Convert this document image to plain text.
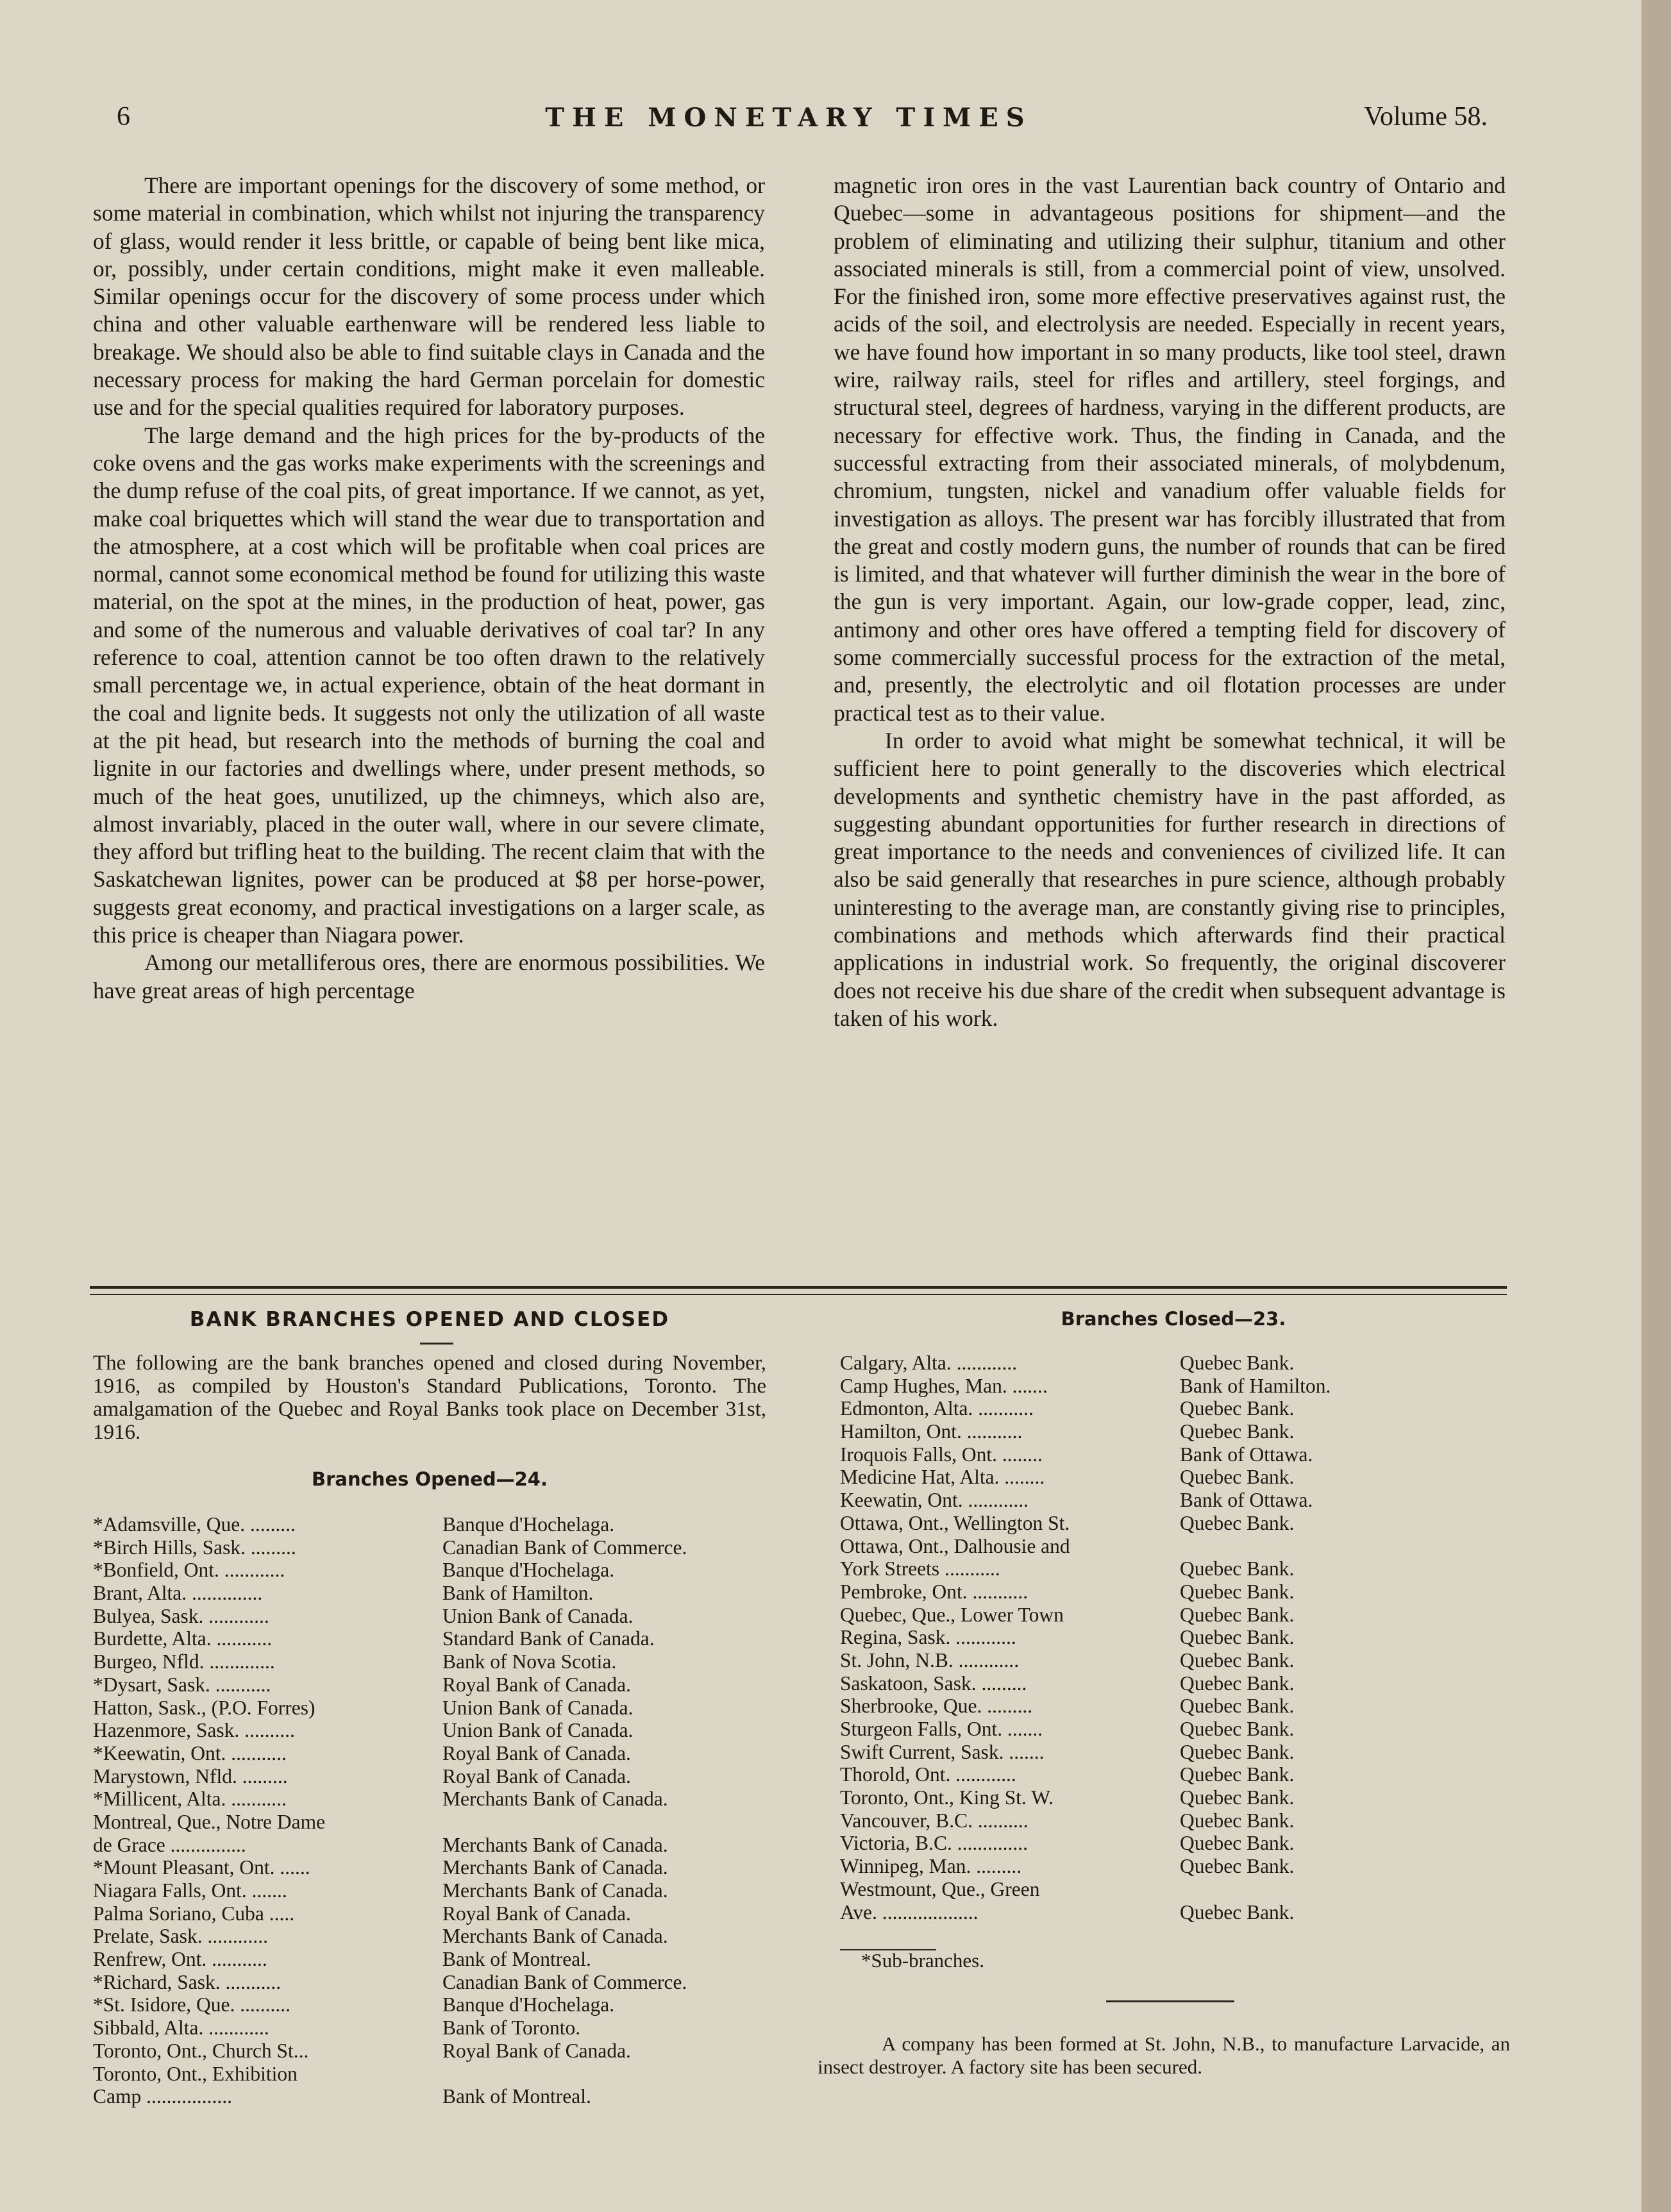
6	THE MONETARY TIMES	Volume 58.

There are important openings for the discovery of some method, or some material in combination, which whilst not injuring the transparency of glass, would render it less brittle, or capable of being bent like mica, or, possibly, under certain conditions, might make it even malleable. Similar openings occur for the discovery of some process under which china and other valuable earthenware will be rendered less liable to breakage. We should also be able to find suitable clays in Canada and the necessary process for making the hard German porcelain for domestic use and for the special qualities required for laboratory purposes.

The large demand and the high prices for the by-products of the coke ovens and the gas works make experiments with the screenings and the dump refuse of the coal pits, of great importance. If we cannot, as yet, make coal briquettes which will stand the wear due to transportation and the atmosphere, at a cost which will be profitable when coal prices are normal, cannot some economical method be found for utilizing this waste material, on the spot at the mines, in the production of heat, power, gas and some of the numerous and valuable derivatives of coal tar? In any reference to coal, attention cannot be too often drawn to the relatively small percentage we, in actual experience, obtain of the heat dormant in the coal and lignite beds. It suggests not only the utilization of all waste at the pit head, but research into the methods of burning the coal and lignite in our factories and dwellings where, under present methods, so much of the heat goes, unutilized, up the chimneys, which also are, almost invariably, placed in the outer wall, where in our severe climate, they afford but trifling heat to the building. The recent claim that with the Saskatchewan lignites, power can be produced at $8 per horse-power, suggests great economy, and practical investigations on a larger scale, as this price is cheaper than Niagara power.

Among our metalliferous ores, there are enormous possibilities. We have great areas of high percentage

magnetic iron ores in the vast Laurentian back country of Ontario and Quebec—some in advantageous positions for shipment—and the problem of eliminating and utilizing their sulphur, titanium and other associated minerals is still, from a commercial point of view, unsolved. For the finished iron, some more effective preservatives against rust, the acids of the soil, and electrolysis are needed. Especially in recent years, we have found how important in so many products, like tool steel, drawn wire, railway rails, steel for rifles and artillery, steel forgings, and structural steel, degrees of hardness, varying in the different products, are necessary for effective work. Thus, the finding in Canada, and the successful extracting from their associated minerals, of molybdenum, chromium, tungsten, nickel and vanadium offer valuable fields for investigation as alloys. The present war has forcibly illustrated that from the great and costly modern guns, the number of rounds that can be fired is limited, and that whatever will further diminish the wear in the bore of the gun is very important. Again, our low-grade copper, lead, zinc, antimony and other ores have offered a tempting field for discovery of some commercially successful process for the extraction of the metal, and, presently, the electrolytic and oil flotation processes are under practical test as to their value.

In order to avoid what might be somewhat technical, it will be sufficient here to point generally to the discoveries which electrical developments and synthetic chemistry have in the past afforded, as suggesting abundant opportunities for further research in directions of great importance to the needs and conveniences of civilized life. It can also be said generally that researches in pure science, although probably uninteresting to the average man, are constantly giving rise to principles, combinations and methods which afterwards find their practical applications in industrial work. So frequently, the original discoverer does not receive his due share of the credit when subsequent advantage is taken of his work.

BANK BRANCHES OPENED AND CLOSED

The following are the bank branches opened and closed during November, 1916, as compiled by Houston's Standard Publications, Toronto. The amalgamation of the Quebec and Royal Banks took place on December 31st, 1916.

Branches Opened—24.
*Adamsville, Que. .........	Banque d'Hochelaga.
*Birch Hills, Sask. .........	Canadian Bank of Commerce.
*Bonfield, Ont. ............	Banque d'Hochelaga.
Brant, Alta. ..............	Bank of Hamilton.
Bulyea, Sask. ............	Union Bank of Canada.
Burdette, Alta. ...........	Standard Bank of Canada.
Burgeo, Nfld. .............	Bank of Nova Scotia.
*Dysart, Sask. ...........	Royal Bank of Canada.
Hatton, Sask., (P.O. Forres)	Union Bank of Canada.
Hazenmore, Sask. ..........	Union Bank of Canada.
*Keewatin, Ont. ...........	Royal Bank of Canada.
Marystown, Nfld. .........	Royal Bank of Canada.
*Millicent, Alta. ...........	Merchants Bank of Canada.
Montreal, Que., Notre Dame
de Grace ...............	Merchants Bank of Canada.
*Mount Pleasant, Ont. ......	Merchants Bank of Canada.
Niagara Falls, Ont. .......	Merchants Bank of Canada.
Palma Soriano, Cuba .....	Royal Bank of Canada.
Prelate, Sask. ............	Merchants Bank of Canada.
Renfrew, Ont. ...........	Bank of Montreal.
*Richard, Sask. ...........	Canadian Bank of Commerce.
*St. Isidore, Que. ..........	Banque d'Hochelaga.
Sibbald, Alta. ............	Bank of Toronto.
Toronto, Ont., Church St...	Royal Bank of Canada.
Toronto, Ont., Exhibition
Camp .................	Bank of Montreal.
Branches Closed—23.
Calgary, Alta. ............	Quebec Bank.
Camp Hughes, Man. .......	Bank of Hamilton.
Edmonton, Alta. ...........	Quebec Bank.
Hamilton, Ont. ...........	Quebec Bank.
Iroquois Falls, Ont. ........	Bank of Ottawa.
Medicine Hat, Alta. ........	Quebec Bank.
Keewatin, Ont. ............	Bank of Ottawa.
Ottawa, Ont., Wellington St.	Quebec Bank.
Ottawa, Ont., Dalhousie and
York Streets ...........	Quebec Bank.
Pembroke, Ont. ...........	Quebec Bank.
Quebec, Que., Lower Town	Quebec Bank.
Regina, Sask. ............	Quebec Bank.
St. John, N.B. ............	Quebec Bank.
Saskatoon, Sask. .........	Quebec Bank.
Sherbrooke, Que. .........	Quebec Bank.
Sturgeon Falls, Ont. .......	Quebec Bank.
Swift Current, Sask. .......	Quebec Bank.
Thorold, Ont. ............	Quebec Bank.
Toronto, Ont., King St. W.	Quebec Bank.
Vancouver, B.C. ..........	Quebec Bank.
Victoria, B.C. ..............	Quebec Bank.
Winnipeg, Man. .........	Quebec Bank.
Westmount, Que., Green
Ave. ...................	Quebec Bank.
*Sub-branches.

A company has been formed at St. John, N.B., to manufacture Larvacide, an insect destroyer. A factory site has been secured.
